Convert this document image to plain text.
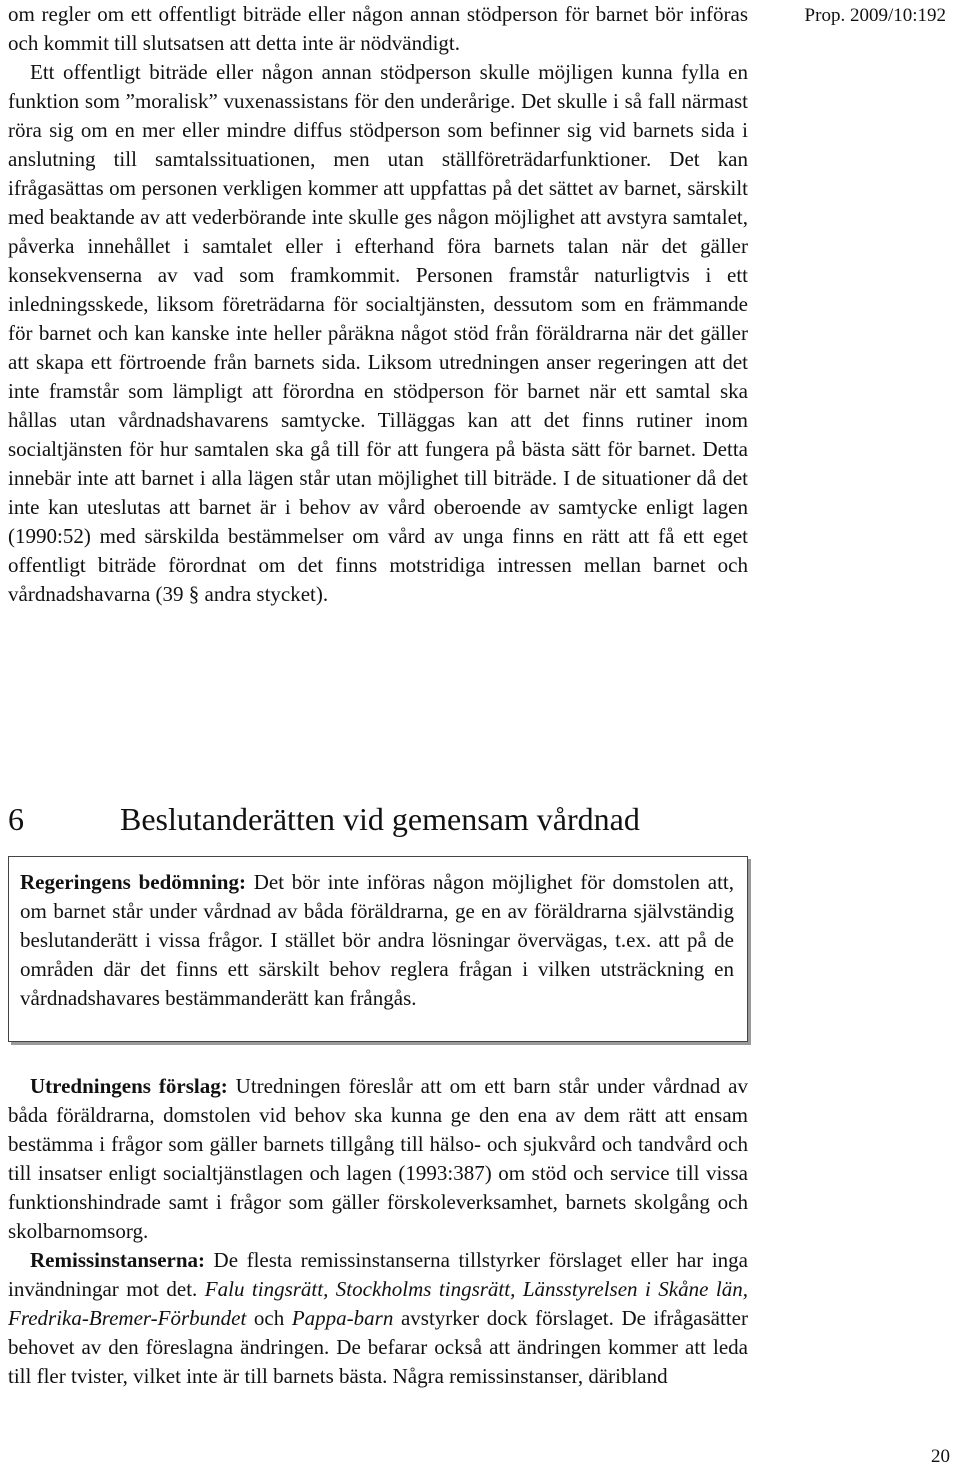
Prop. 2009/10:192

om regler om ett offentligt biträde eller någon annan stödperson för barnet bör införas och kommit till slutsatsen att detta inte är nödvändigt.

Ett offentligt biträde eller någon annan stödperson skulle möjligen kunna fylla en funktion som ”moralisk” vuxenassistans för den underårige. Det skulle i så fall närmast röra sig om en mer eller mindre diffus stödperson som befinner sig vid barnets sida i anslutning till samtalssituationen, men utan ställföreträdarfunktioner. Det kan ifrågasättas om personen verkligen kommer att uppfattas på det sättet av barnet, särskilt med beaktande av att vederbörande inte skulle ges någon möjlighet att avstyra samtalet, påverka innehållet i samtalet eller i efterhand föra barnets talan när det gäller konsekvenserna av vad som framkommit. Personen framstår naturligtvis i ett inledningsskede, liksom företrädarna för socialtjänsten, dessutom som en främmande för barnet och kan kanske inte heller påräkna något stöd från föräldrarna när det gäller att skapa ett förtroende från barnets sida. Liksom utredningen anser regeringen att det inte framstår som lämpligt att förordna en stödperson för barnet när ett samtal ska hållas utan vårdnadshavarens samtycke. Tilläggas kan att det finns rutiner inom socialtjänsten för hur samtalen ska gå till för att fungera på bästa sätt för barnet. Detta innebär inte att barnet i alla lägen står utan möjlighet till biträde. I de situationer då det inte kan uteslutas att barnet är i behov av vård oberoende av samtycke enligt lagen (1990:52) med särskilda bestämmelser om vård av unga finns en rätt att få ett eget offentligt biträde förordnat om det finns motstridiga intressen mellan barnet och vårdnadshavarna (39 § andra stycket).

6	Beslutanderätten vid gemensam vårdnad

Regeringens bedömning: Det bör inte införas någon möjlighet för domstolen att, om barnet står under vårdnad av båda föräldrarna, ge en av föräldrarna självständig beslutanderätt i vissa frågor. I stället bör andra lösningar övervägas, t.ex. att på de områden där det finns ett särskilt behov reglera frågan i vilken utsträckning en vårdnadshavares bestämmanderätt kan frångås.

Utredningens förslag: Utredningen föreslår att om ett barn står under vårdnad av båda föräldrarna, domstolen vid behov ska kunna ge den ena av dem rätt att ensam bestämma i frågor som gäller barnets tillgång till hälso- och sjukvård och tandvård och till insatser enligt socialtjänstlagen och lagen (1993:387) om stöd och service till vissa funktionshindrade samt i frågor som gäller förskoleverksamhet, barnets skolgång och skolbarnomsorg.

Remissinstanserna: De flesta remissinstanserna tillstyrker förslaget eller har inga invändningar mot det. Falu tingsrätt, Stockholms tingsrätt, Länsstyrelsen i Skåne län, Fredrika-Bremer-Förbundet och Pappa-barn avstyrker dock förslaget. De ifrågasätter behovet av den föreslagna ändringen. De befarar också att ändringen kommer att leda till fler tvister, vilket inte är till barnets bästa. Några remissinstanser, däribland

20
